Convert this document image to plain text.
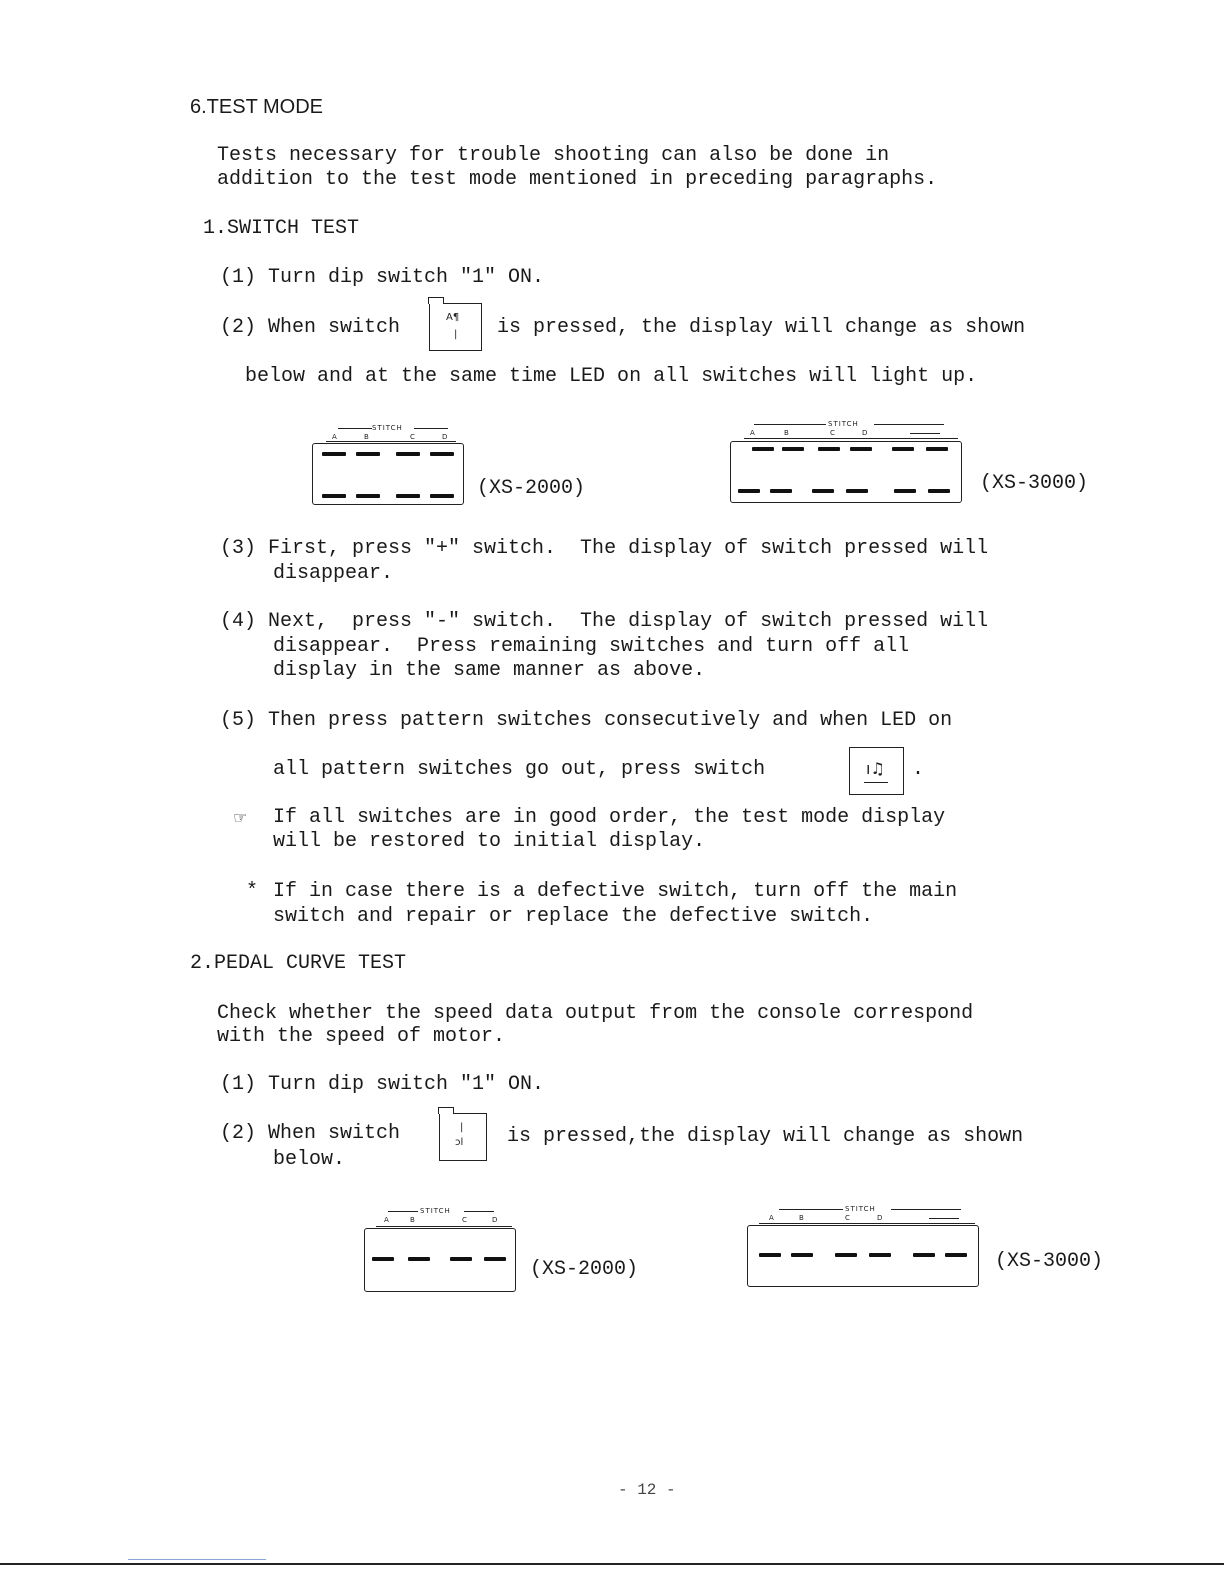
6.TEST MODE
Tests necessary for trouble shooting can also be done in
addition to the test mode mentioned in preceding paragraphs.
1.SWITCH TEST
(1) Turn dip switch "1" ON.
(2) When switch	A¶
| is pressed, the display will change as shown
below and at the same time LED on all switches will light up.
STITCH
A	B	C	D
(XS-2000)
STITCH
A	B	C	D
(XS-3000)
(3) First, press "+" switch.  The display of switch pressed will
disappear.
(4) Next,  press "-" switch.  The display of switch pressed will
disappear.  Press remaining switches and turn off all
display in the same manner as above.
(5) Then press pattern switches consecutively and when LED on
all pattern switches go out, press switch	ı♫ .
☞ If all switches are in good order, the test mode display
will be restored to initial display.
* If in case there is a defective switch, turn off the main
switch and repair or replace the defective switch.
2.PEDAL CURVE TEST
Check whether the speed data output from the console correspond
with the speed of motor.
(1) Turn dip switch "1" ON.
(2) When switch	|
ↄl is pressed,the display will change as shown
below.
STITCH
A	B	C	D
(XS-2000)
STITCH
A	B	C	D
(XS-3000)
- 12 -
